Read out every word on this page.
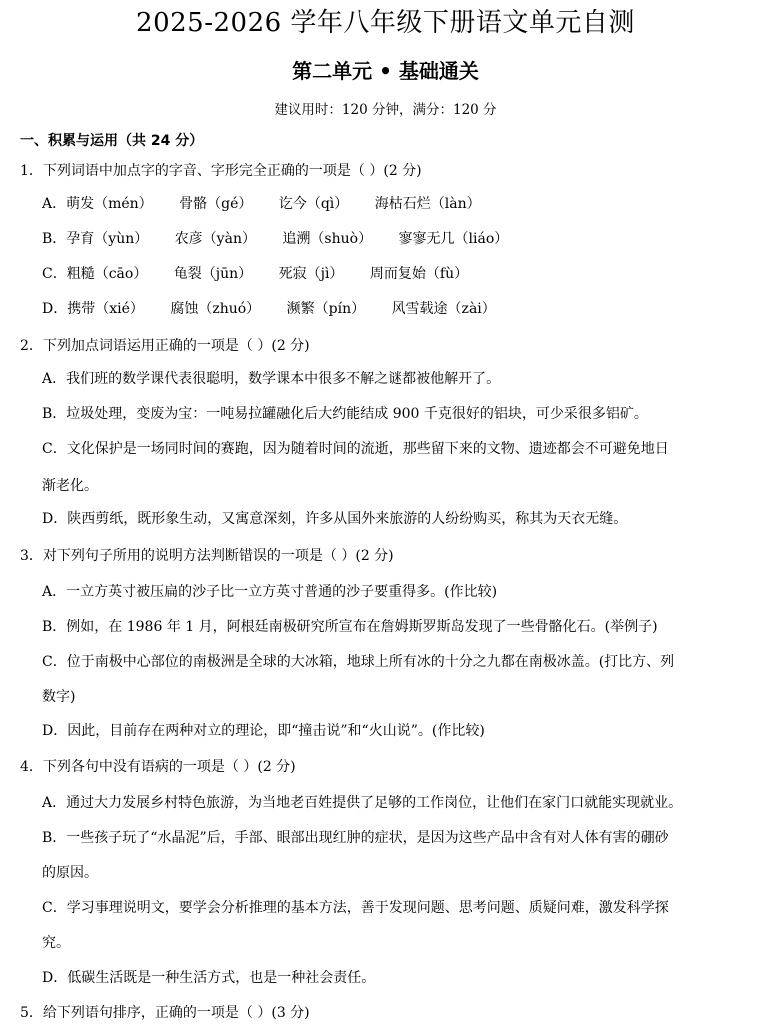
2025-2026 学年八年级下册语文单元自测
第二单元 • 基础通关
建议用时：120 分钟，满分：120 分
一、积累与运用（共 24 分）
1．下列词语中加点字的字音、字形完全正确的一项是（ ）(2 分)
A．萌发（mén） 骨骼（gé） 讫今（qì） 海枯石烂（làn）
B．孕育（yùn） 农彦（yàn） 追溯（shuò） 寥寥无几（liáo）
C．粗糙（cāo） 龟裂（jūn） 死寂（jì） 周而复始（fù）
D．携带（xié） 腐蚀（zhuó） 濒繁（pín） 风雪载途（zài）
2．下列加点词语运用正确的一项是（ ）(2 分)
A．我们班的数学课代表很聪明，数学课本中很多不解之谜都被他解开了。
B．垃圾处理，变废为宝：一吨易拉罐融化后大约能结成 900 千克很好的铝块，可少采很多铝矿。
C．文化保护是一场同时间的赛跑，因为随着时间的流逝，那些留下来的文物、遗迹都会不可避免地日
渐老化。
D．陕西剪纸，既形象生动，又寓意深刻，许多从国外来旅游的人纷纷购买，称其为天衣无缝。
3．对下列句子所用的说明方法判断错误的一项是（ ）(2 分)
A．一立方英寸被压扁的沙子比一立方英寸普通的沙子要重得多。(作比较)
B．例如，在 1986 年 1 月，阿根廷南极研究所宣布在詹姆斯罗斯岛发现了一些骨骼化石。(举例子)
C．位于南极中心部位的南极洲是全球的大冰箱，地球上所有冰的十分之九都在南极冰盖。(打比方、列
数字)
D．因此，目前存在两种对立的理论，即“撞击说”和“火山说”。(作比较)
4．下列各句中没有语病的一项是（ ）(2 分)
A．通过大力发展乡村特色旅游，为当地老百姓提供了足够的工作岗位，让他们在家门口就能实现就业。
B．一些孩子玩了“水晶泥”后，手部、眼部出现红肿的症状，是因为这些产品中含有对人体有害的硼砂
的原因。
C．学习事理说明文，要学会分析推理的基本方法，善于发现问题、思考问题、质疑问难，激发科学探
究。
D．低碳生活既是一种生活方式，也是一种社会责任。
5．给下列语句排序，正确的一项是（ ）(3 分)
